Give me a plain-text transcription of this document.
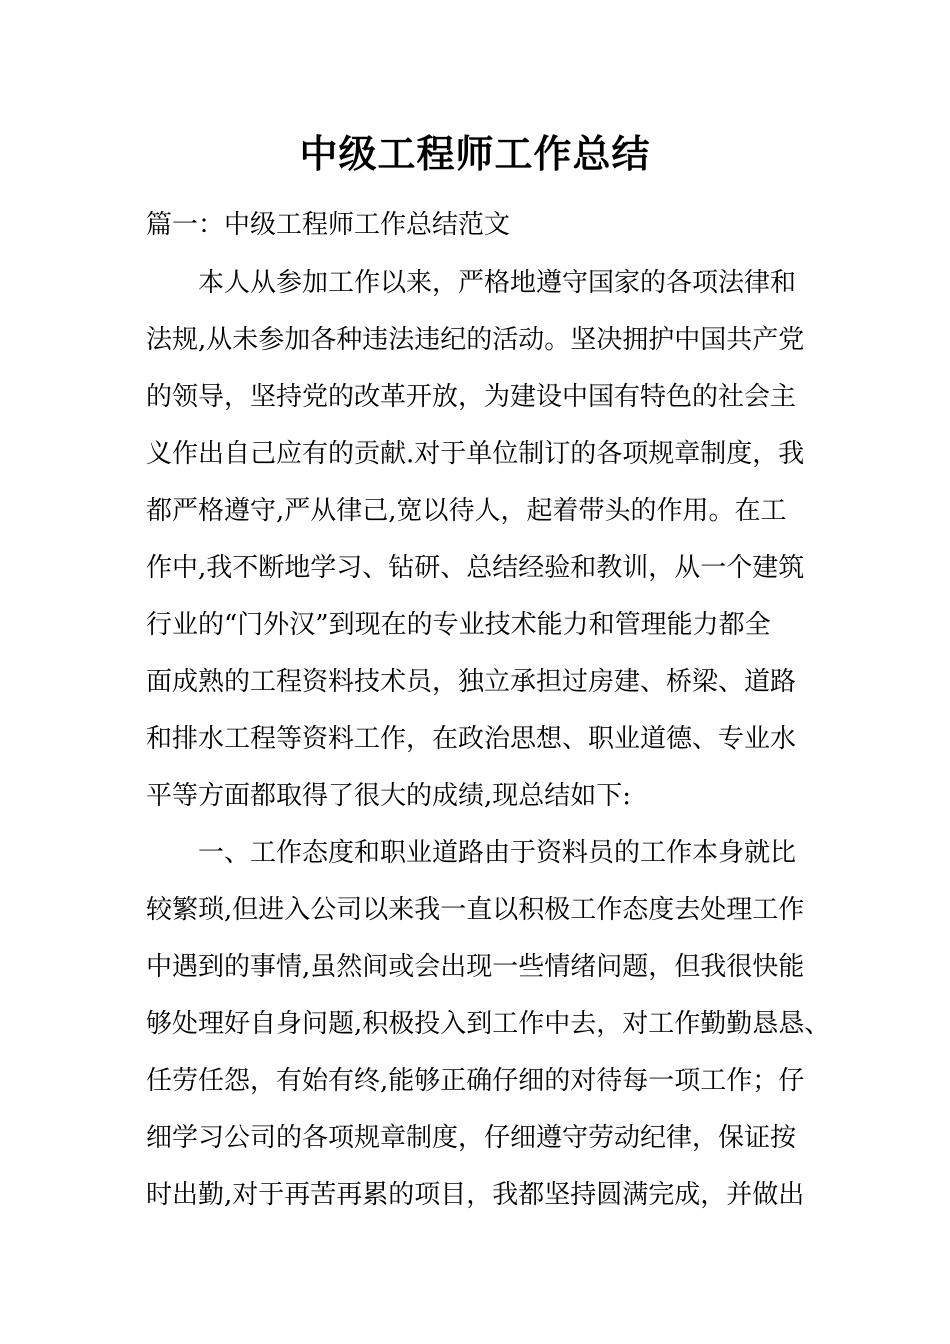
中级工程师工作总结
篇一：中级工程师工作总结范文
　　本人从参加工作以来，严格地遵守国家的各项法律和
法规,从未参加各种违法违纪的活动。坚决拥护中国共产党
的领导，坚持党的改革开放，为建设中国有特色的社会主
义作出自己应有的贡献.对于单位制订的各项规章制度，我
都严格遵守,严从律己,宽以待人，起着带头的作用。在工
作中,我不断地学习、钻研、总结经验和教训，从一个建筑
行业的“门外汉”到现在的专业技术能力和管理能力都全
面成熟的工程资料技术员，独立承担过房建、桥梁、道路
和排水工程等资料工作，在政治思想、职业道德、专业水
平等方面都取得了很大的成绩,现总结如下:
　　一、工作态度和职业道路由于资料员的工作本身就比
较繁琐,但进入公司以来我一直以积极工作态度去处理工作
中遇到的事情,虽然间或会出现一些情绪问题，但我很快能
够处理好自身问题,积极投入到工作中去，对工作勤勤恳恳、
任劳任怨，有始有终,能够正确仔细的对待每一项工作；仔
细学习公司的各项规章制度，仔细遵守劳动纪律，保证按
时出勤,对于再苦再累的项目，我都坚持圆满完成，并做出
